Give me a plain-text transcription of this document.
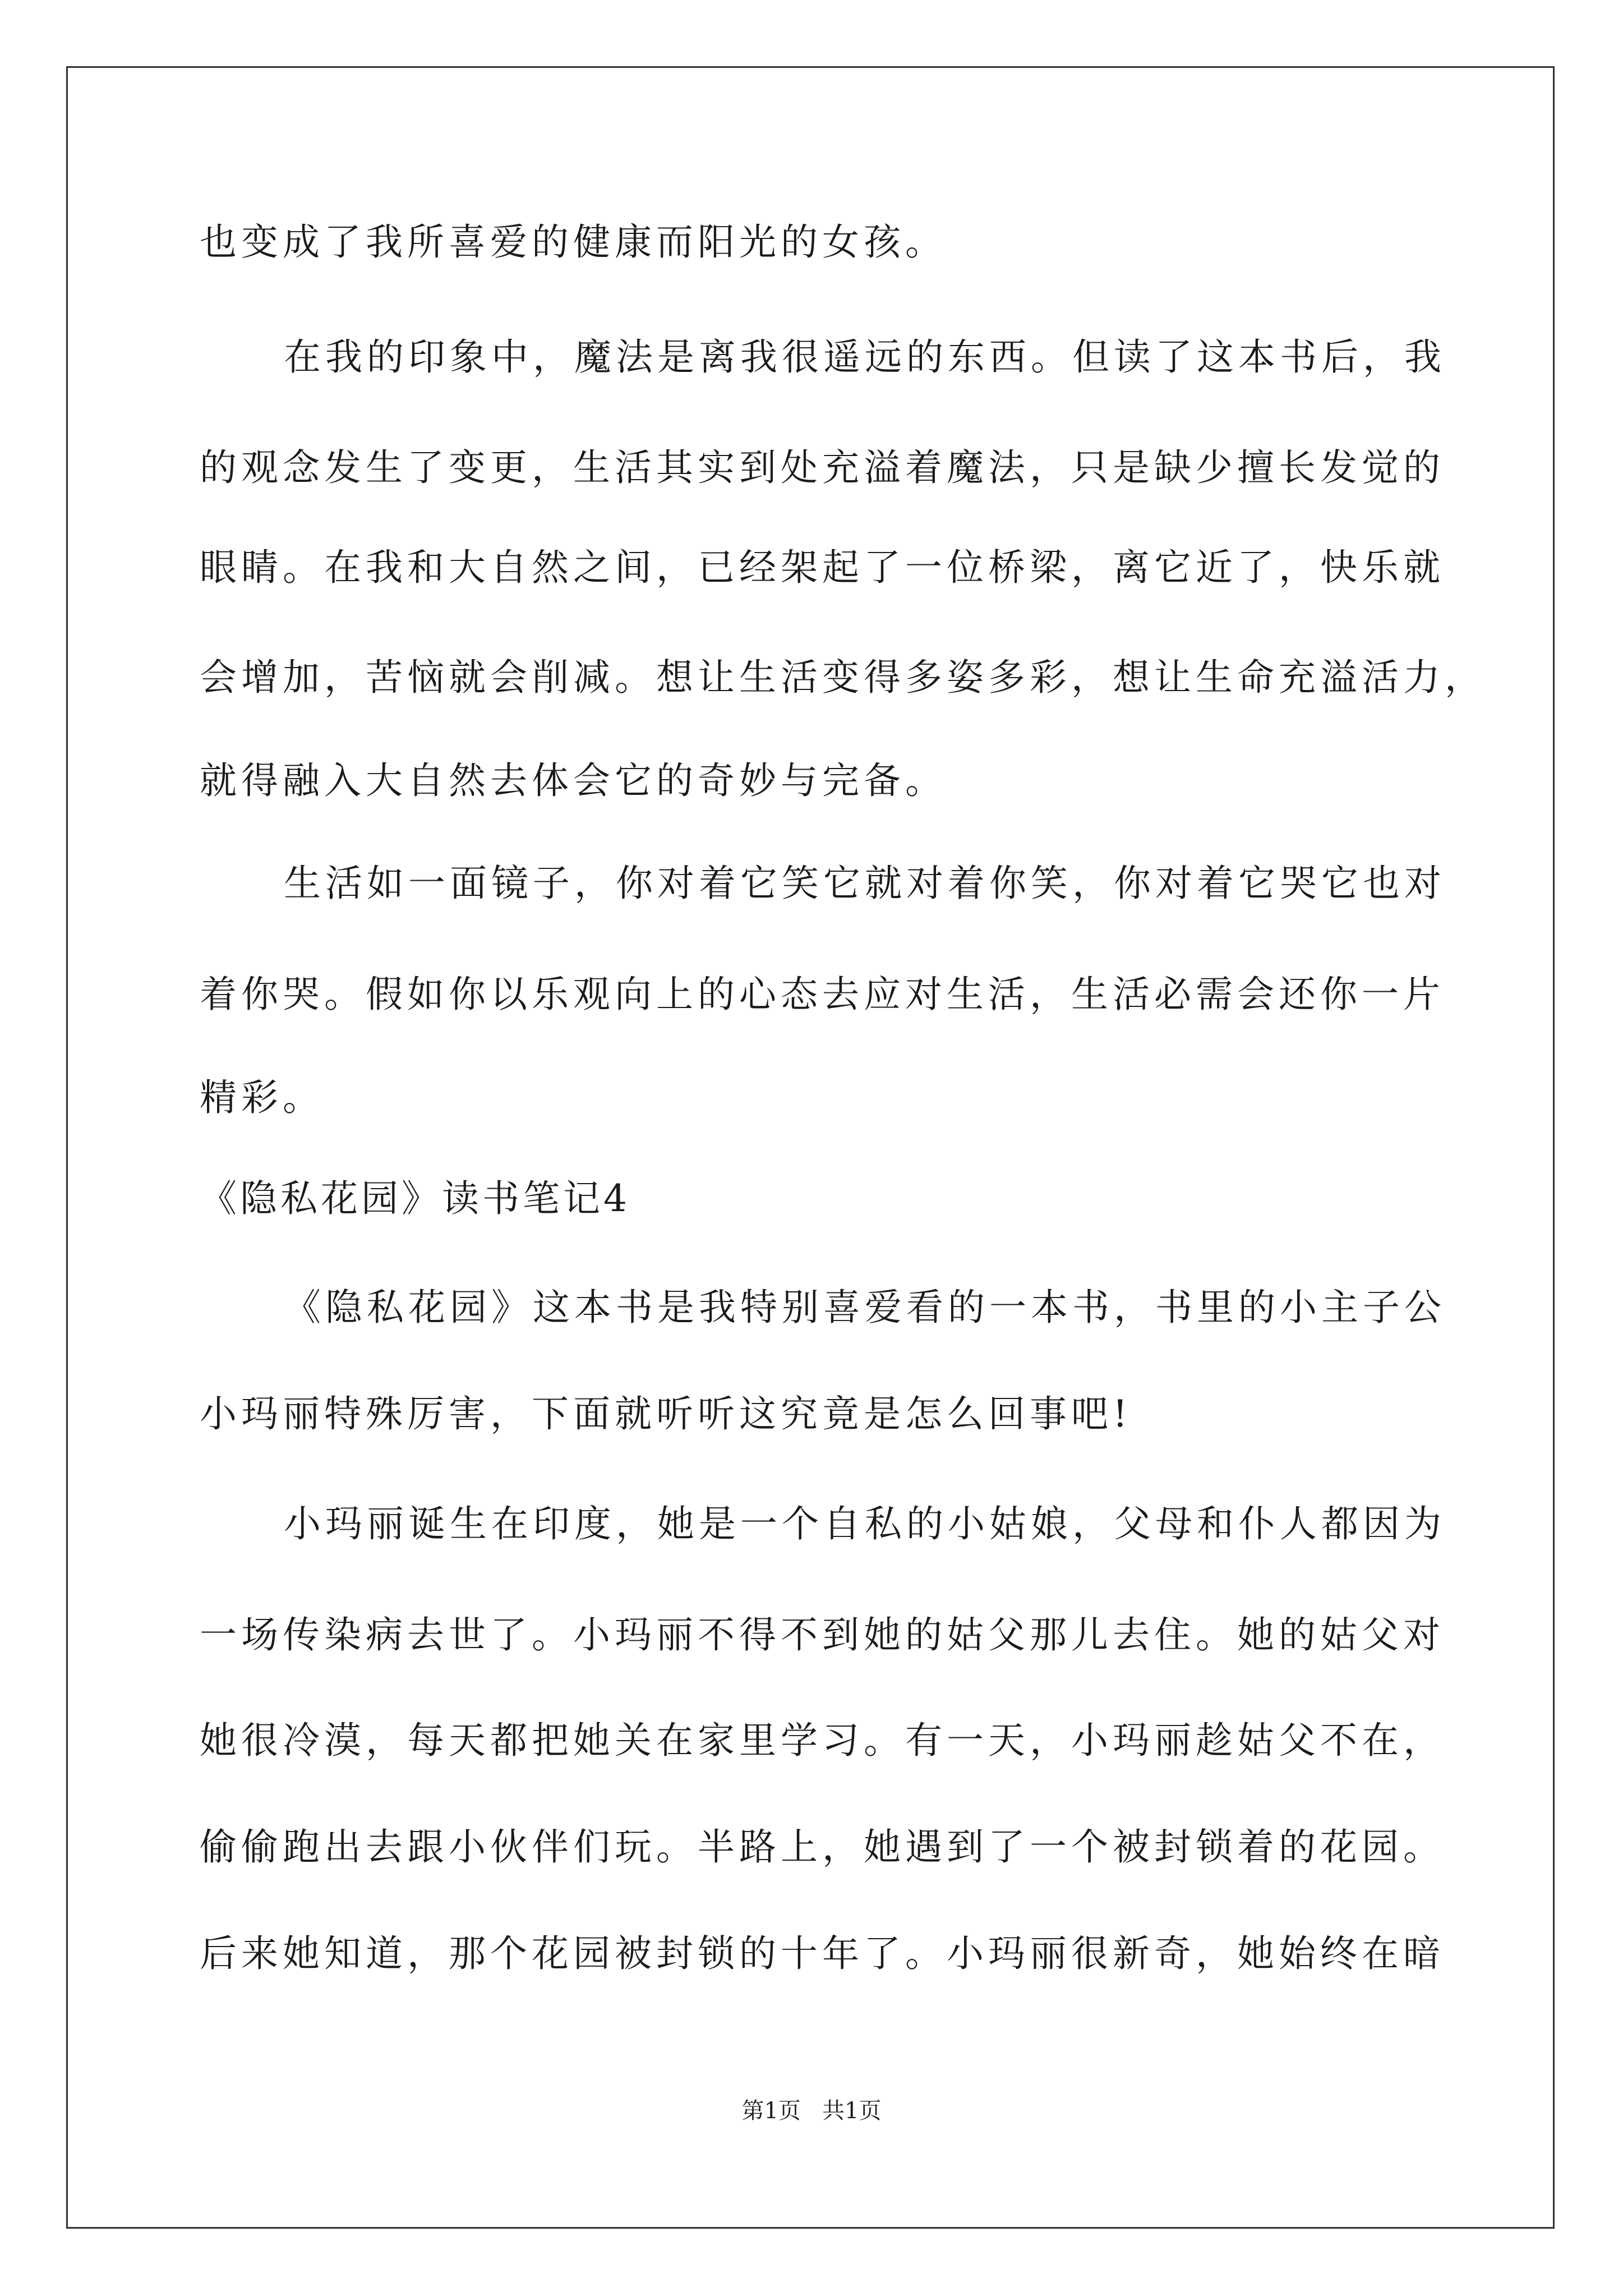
也变成了我所喜爱的健康而阳光的女孩。
在我的印象中，魔法是离我很遥远的东西。但读了这本书后，我
的观念发生了变更，生活其实到处充溢着魔法，只是缺少擅长发觉的
眼睛。在我和大自然之间，已经架起了一位桥梁，离它近了，快乐就
会增加，苦恼就会削减。想让生活变得多姿多彩，想让生命充溢活力，
就得融入大自然去体会它的奇妙与完备。
生活如一面镜子，你对着它笑它就对着你笑，你对着它哭它也对
着你哭。假如你以乐观向上的心态去应对生活，生活必需会还你一片
精彩。
《隐私花园》读书笔记4
《隐私花园》这本书是我特别喜爱看的一本书，书里的小主子公
小玛丽特殊厉害，下面就听听这究竟是怎么回事吧!
小玛丽诞生在印度，她是一个自私的小姑娘，父母和仆人都因为
一场传染病去世了。小玛丽不得不到她的姑父那儿去住。她的姑父对
她很冷漠，每天都把她关在家里学习。有一天，小玛丽趁姑父不在，
偷偷跑出去跟小伙伴们玩。半路上，她遇到了一个被封锁着的花园。
后来她知道，那个花园被封锁的十年了。小玛丽很新奇，她始终在暗
第1页   共1页
